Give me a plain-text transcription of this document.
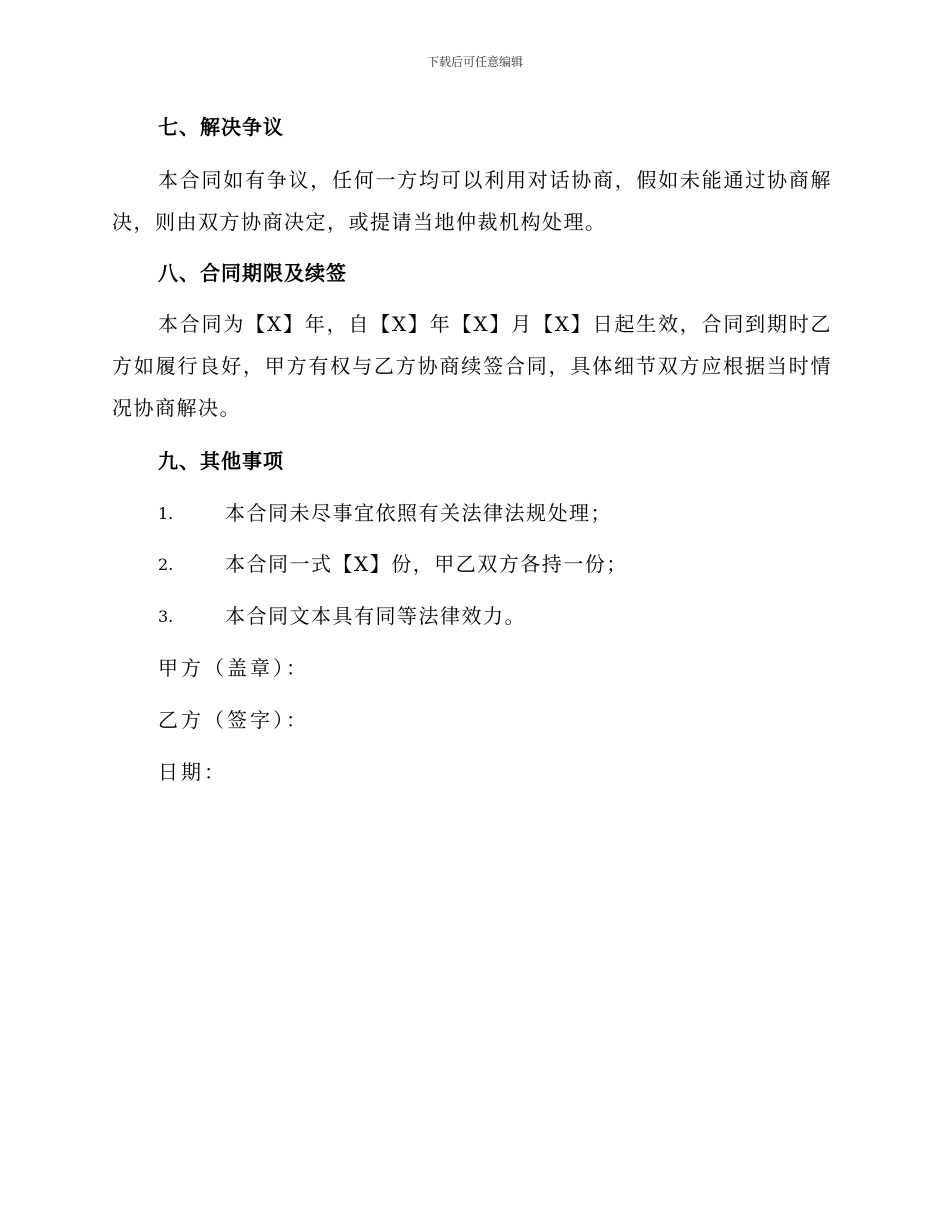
下载后可任意编辑
七、解决争议
本合同如有争议，任何一方均可以利用对话协商，假如未能通过协商解决，则由双方协商决定，或提请当地仲裁机构处理。
八、合同期限及续签
本合同为【X】年，自【X】年【X】月【X】日起生效，合同到期时乙方如履行良好，甲方有权与乙方协商续签合同，具体细节双方应根据当时情况协商解决。
九、其他事项
1.	本合同未尽事宜依照有关法律法规处理；
2.	本合同一式【X】份，甲乙双方各持一份；
3.	本合同文本具有同等法律效力。
甲方（盖章）：
乙方（签字）：
日期：
